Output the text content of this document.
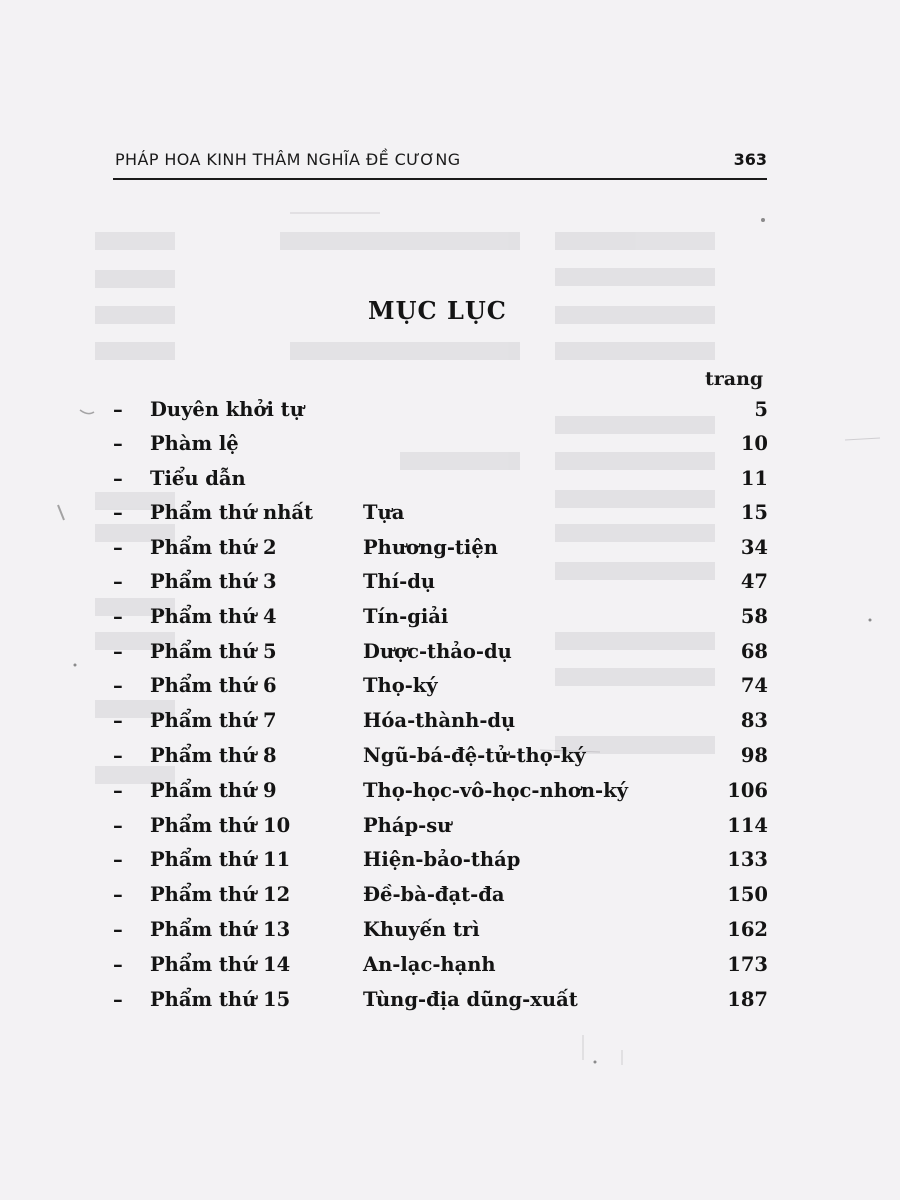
PHÁP HOA KINH THÂM NGHĨA ĐỀ CƯƠNG	363
MỤC LỤC
trang
– Duyên khởi tự	5
– Phàm lệ	10
– Tiểu dẫn	11
– Phẩm thứ nhất	Tựa	15
– Phẩm thứ 2	Phương-tiện	34
– Phẩm thứ 3	Thí-dụ	47
– Phẩm thứ 4	Tín-giải	58
– Phẩm thứ 5	Dược-thảo-dụ	68
– Phẩm thứ 6	Thọ-ký	74
– Phẩm thứ 7	Hóa-thành-dụ	83
– Phẩm thứ 8	Ngũ-bá-đệ-tử-thọ-ký	98
– Phẩm thứ 9	Thọ-học-vô-học-nhơn-ký	106
– Phẩm thứ 10	Pháp-sư	114
– Phẩm thứ 11	Hiện-bảo-tháp	133
– Phẩm thứ 12	Đề-bà-đạt-đa	150
– Phẩm thứ 13	Khuyến trì	162
– Phẩm thứ 14	An-lạc-hạnh	173
– Phẩm thứ 15	Tùng-địa dũng-xuất	187
